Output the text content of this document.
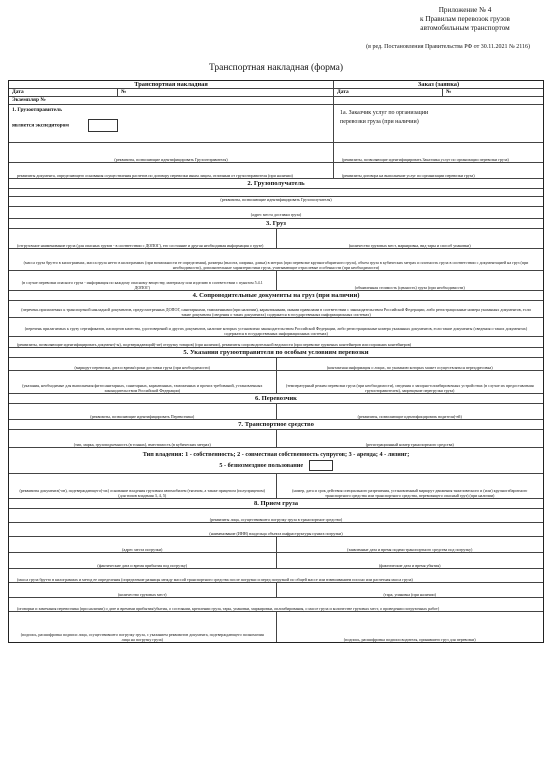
Приложение № 4
к Правилам перевозок грузов
автомобильным транспортом
(в ред. Постановления Правительства РФ от 30.11.2021 № 2116)
Транспортная накладная (форма)
Транспортная накладная	Заказ (заявка)
Дата	№	Дата	№
Экземпляр №
1. Грузоотправитель
является экспедитором
1а. Заказчик услуг по организации
перевозки груза (при наличии)
(реквизиты, позволяющие идентифицировать Грузоотправителя)	(реквизиты, позволяющие идентифицировать Заказчика услуг по организации перевозки груза)
реквизиты документа, определяющего основания осуществления расчетов по договору перевозки иным лицом, отличным от грузоотправителя (при наличии)	(реквизиты договора на выполнение услуг по организации перевозки груза)
2. Грузополучатель
(реквизиты, позволяющие идентифицировать Грузополучателя)
(адрес места доставки груза)
3. Груз
(отгрузочное наименование груза (для опасных грузов - в соответствии с ДОПОГ), его состояние и другая необходимая информация о грузе)	(количество грузовых мест, маркировка, вид тары и способ упаковки)
(масса груза брутто в килограммах, масса груза нетто в килограммах (при возможности ее определения), размеры (высота, ширина, длина) в метрах (при перевозке крупногабаритного груза), объем груза в кубических метрах и плотность груза в соответствии с документацией на груз (при необходимости), дополнительные характеристики груза, учитывающие отраслевые особенности (при необходимости)
(в случае перевозки опасного груза - информация по каждому опасному веществу, материалу или изделию в соответствии с пунктом 5.4.1 ДОПОГ)	(объявленная стоимость (ценность) груза (при необходимости)
4. Сопроводительные документы на груз (при наличии)
(перечень прилагаемых к транспортной накладной документов, предусмотренных ДОПОГ, санитарными, таможенными (при наличии), карантинными, иными правилами в соответствии с законодательством Российской Федерации, либо регистрационные номера указанных документов, если такие документы (сведения о таких документах) содержатся в государственных информационных системах)
(перечень прилагаемых к грузу сертификатов, паспортов качества, удостоверений и других документов, наличие которых установлено законодательством Российской Федерации, либо регистрационные номера указанных документов, если такие документы (сведения о таких документах) содержатся в государственных информационных системах)
(реквизиты, позволяющие идентифицировать документ(-ы), подтверждающий(-ие) отгрузку товаров) (при наличии), реквизиты сопроводительной ведомости (при перевозке груженых контейнеров или порожних контейнеров)
5. Указания грузоотправителя по особым условиям перевозки
(маршрут перевозки, дата и время/сроки доставки груза (при необходимости)	(контактная информация о лицах, по указанию которых может осуществляться переадресовка)
(указания, необходимые для выполнения фитосанитарных, санитарных, карантинных, таможенных и прочих требований, установленных законодательством Российской Федерации)
(температурный режим перевозки груза (при необходимости), сведения о запорно-пломбировочных устройствах (в случае их предоставления грузоотправителем), запрещение перегрузки груза)
6. Перевозчик
(реквизиты, позволяющие идентифицировать Перевозчика)	(реквизиты, позволяющие идентифицировать водителя(-ей)
7. Транспортное средство
(тип, марка, грузоподъемность (в тоннах), вместимость (в кубических метрах)	(регистрационный номер транспортного средства)
Тип владения: 1 - собственность; 2 - совместная собственность супругов; 3 - аренда; 4 - лизинг;
5 - безвозмездное пользование
(реквизиты документа(-ов), подтверждающего(-их) основание владения грузовым автомобилем (тягачом, а также прицепом (полуприцепом) (для типов владения 3, 4, 5)
(номер, дата и срок действия специального разрешения, установленный маршрут движения тяжеловесного и (или) крупногабаритного транспортного средства или транспортного средства, перевозящего опасный груз) (при наличии)
8. Прием груза
(реквизиты лица, осуществившего погрузку груза в транспортное средство)
(наименование (ИНН) владельца объекта инфраструктуры пункта погрузки)
(адрес места погрузки)	(заявленные дата и время подачи транспортного средства под погрузку)
(фактические дата и время прибытия под погрузку)	(фактические дата и время убытия)
(масса груза брутто в килограммах и метод ее определения (определение разницы между массой транспортного средства после погрузки и перед погрузкой по общей массе или взвешиванием поосно или расчетная масса груза)
(количество грузовых мест)	(тара, упаковка (при наличии)
(оговорки и замечания перевозчика (при наличии) о дате и времени прибытия/убытия, о состоянии, креплении груза, тары, упаковки, маркировки, опломбирования, о массе груза и количестве грузовых мест, о проведении погрузочных работ)
(подпись, расшифровка подписи лица, осуществившего погрузку груза, с указанием реквизитов документа, подтверждающего полномочия лица на погрузку груза)	(подпись, расшифровка подписи водителя, принявшего груз для перевозки)
